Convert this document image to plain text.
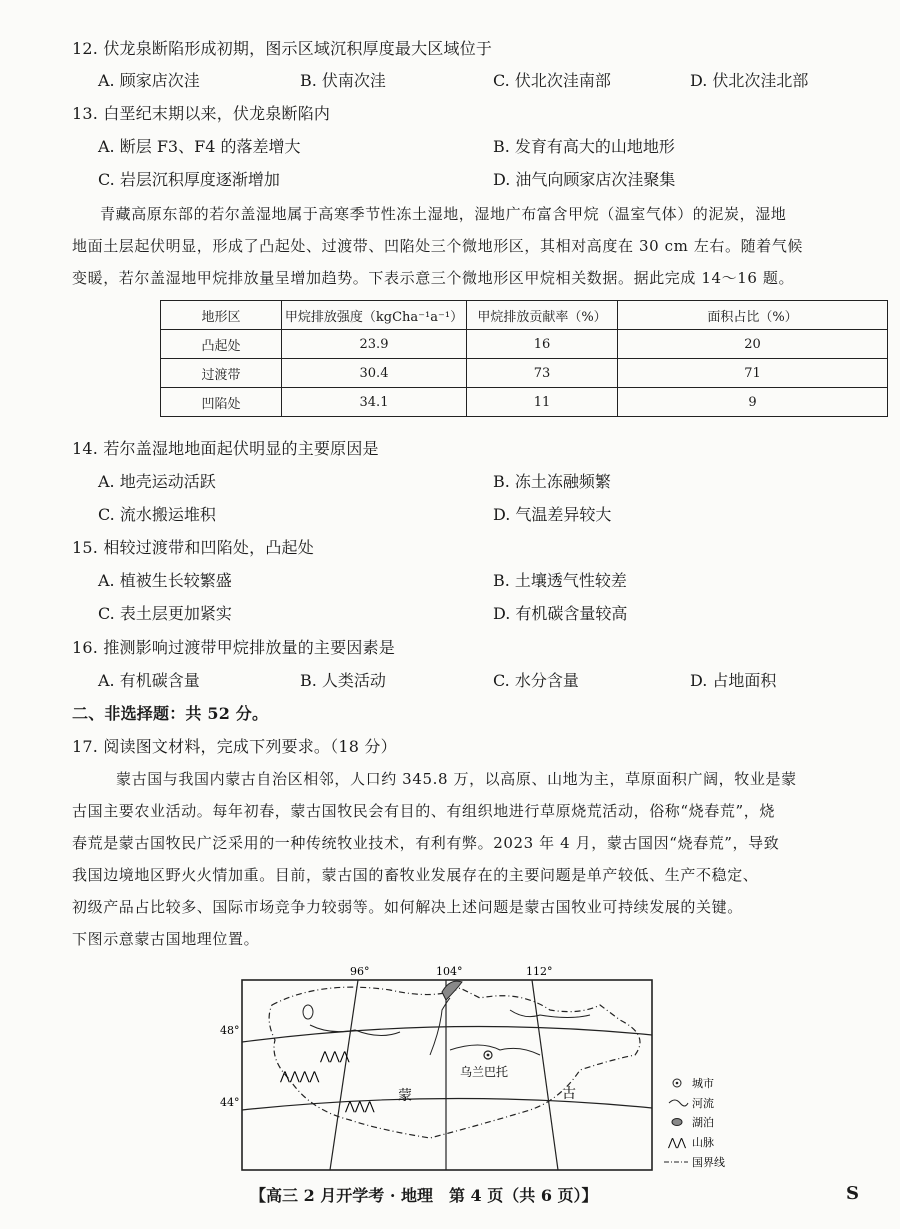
12. 伏龙泉断陷形成初期，图示区域沉积厚度最大区域位于
A. 顾家店次洼	B. 伏南次洼	C. 伏北次洼南部	D. 伏北次洼北部
13. 白垩纪末期以来，伏龙泉断陷内
A. 断层 F3、F4 的落差增大	B. 发育有高大的山地地形
C. 岩层沉积厚度逐渐增加	D. 油气向顾家店次洼聚集
青藏高原东部的若尔盖湿地属于高寒季节性冻土湿地，湿地广布富含甲烷（温室气体）的泥炭，湿地
地面土层起伏明显，形成了凸起处、过渡带、凹陷处三个微地形区，其相对高度在 30 cm 左右。随着气候
变暖，若尔盖湿地甲烷排放量呈增加趋势。下表示意三个微地形区甲烷相关数据。据此完成 14～16 题。
地形区	甲烷排放强度（kgCha⁻¹a⁻¹）	甲烷排放贡献率（%）	面积占比（%）
凸起处	23.9	16	20
过渡带	30.4	73	71
凹陷处	34.1	11	9
14. 若尔盖湿地地面起伏明显的主要原因是
A. 地壳运动活跃	B. 冻土冻融频繁
C. 流水搬运堆积	D. 气温差异较大
15. 相较过渡带和凹陷处，凸起处
A. 植被生长较繁盛	B. 土壤透气性较差
C. 表土层更加紧实	D. 有机碳含量较高
16. 推测影响过渡带甲烷排放量的主要因素是
A. 有机碳含量	B. 人类活动	C. 水分含量	D. 占地面积
二、非选择题：共 52 分。
17. 阅读图文材料，完成下列要求。（18 分）
蒙古国与我国内蒙古自治区相邻，人口约 345.8 万，以高原、山地为主，草原面积广阔，牧业是蒙
古国主要农业活动。每年初春，蒙古国牧民会有目的、有组织地进行草原烧荒活动，俗称“烧春荒”，烧
春荒是蒙古国牧民广泛采用的一种传统牧业技术，有利有弊。2023 年 4 月，蒙古国因“烧春荒”，导致
我国边境地区野火火情加重。目前，蒙古国的畜牧业发展存在的主要问题是单产较低、生产不稳定、
初级产品占比较多、国际市场竞争力较弱等。如何解决上述问题是蒙古国牧业可持续发展的关键。
下图示意蒙古国地理位置。
96°	104°	112°
48°
44°
⋀⋀⋀⋀
⋀⋀⋀
⋀⋀⋀
乌兰巴托
蒙	古
城市
河流
湖泊
⋀⋀ 山脉
国界线
【高三 2 月开学考 · 地理　第 4 页（共 6 页）】	S
